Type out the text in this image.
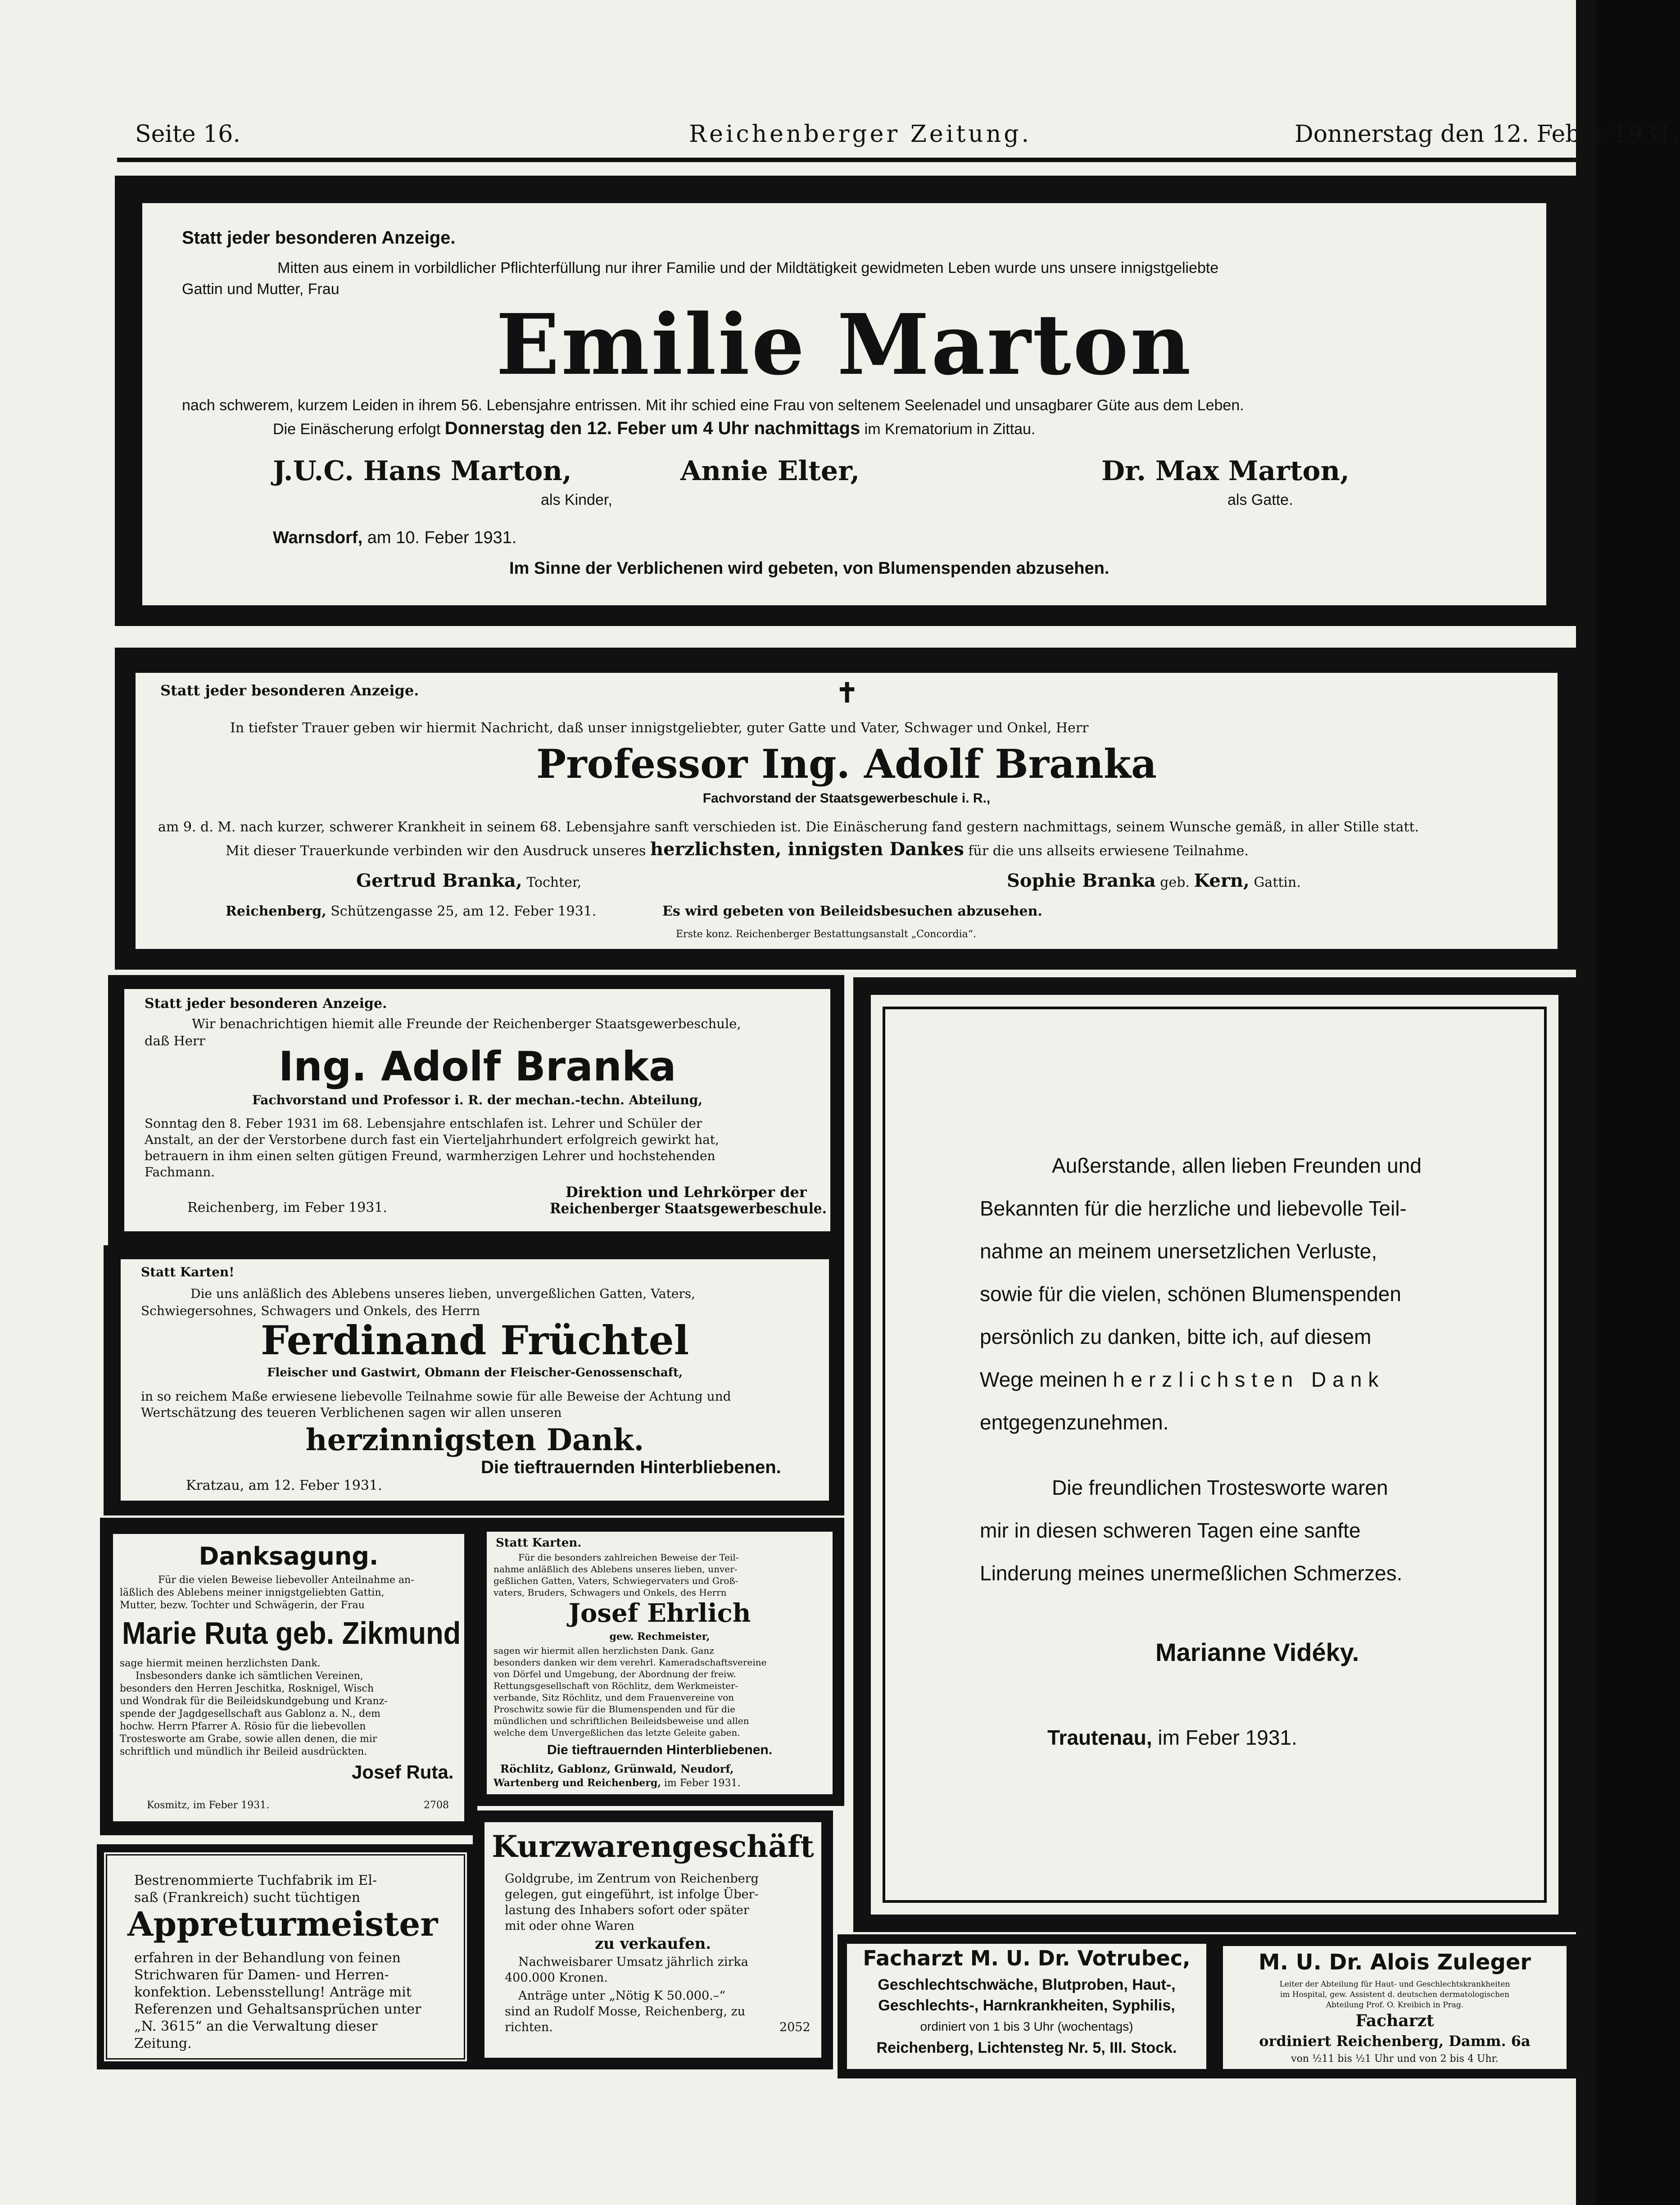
Seite 16.	Reichenberger Zeitung.	Donnerstag den 12. Feber 1931.

Statt jeder besonderen Anzeige.

Mitten aus einem in vorbildlicher Pflichterfüllung nur ihrer Familie und der Mildtätigkeit gewidmeten Leben wurde uns unsere innigstgeliebte

Gattin und Mutter, Frau

Emilie Marton

nach schwerem, kurzem Leiden in ihrem 56. Lebensjahre entrissen. Mit ihr schied eine Frau von seltenem Seelenadel und unsagbarer Güte aus dem Leben.

Die Einäscherung erfolgt Donnerstag den 12. Feber um 4 Uhr nachmittags im Krematorium in Zittau.

J.U.C. Hans Marton,	Annie Elter,	Dr. Max Marton,

als Kinder,	als Gatte.

Warnsdorf, am 10. Feber 1931.

Im Sinne der Verblichenen wird gebeten, von Blumenspenden abzusehen.

Statt jeder besonderen Anzeige.	✝

In tiefster Trauer geben wir hiermit Nachricht, daß unser innigstgeliebter, guter Gatte und Vater, Schwager und Onkel, Herr

Professor Ing. Adolf Branka

Fachvorstand der Staatsgewerbeschule i. R.,

am 9. d. M. nach kurzer, schwerer Krankheit in seinem 68. Lebensjahre sanft verschieden ist. Die Einäscherung fand gestern nachmittags, seinem Wunsche gemäß, in aller Stille statt.

Mit dieser Trauerkunde verbinden wir den Ausdruck unseres herzlichsten, innigsten Dankes für die uns allseits erwiesene Teilnahme.

Gertrud Branka, Tochter,	Sophie Branka geb. Kern, Gattin.

Reichenberg, Schützengasse 25, am 12. Feber 1931.	Es wird gebeten von Beileidsbesuchen abzusehen.

Erste konz. Reichenberger Bestattungsanstalt „Concordia“.

Statt jeder besonderen Anzeige.

Wir benachrichtigen hiemit alle Freunde der Reichenberger Staatsgewerbeschule,

daß Herr

Ing. Adolf Branka

Fachvorstand und Professor i. R. der mechan.-techn. Abteilung,

Sonntag den 8. Feber 1931 im 68. Lebensjahre entschlafen ist. Lehrer und Schüler der

Anstalt, an der der Verstorbene durch fast ein Vierteljahrhundert erfolgreich gewirkt hat,

betrauern in ihm einen selten gütigen Freund, warmherzigen Lehrer und hochstehenden

Fachmann.

Direktion und Lehrkörper der

Reichenberg, im Feber 1931.	Reichenberger Staatsgewerbeschule.

Statt Karten!

Die uns anläßlich des Ablebens unseres lieben, unvergeßlichen Gatten, Vaters,

Schwiegersohnes, Schwagers und Onkels, des Herrn

Ferdinand Früchtel

Fleischer und Gastwirt, Obmann der Fleischer-Genossenschaft,

in so reichem Maße erwiesene liebevolle Teilnahme sowie für alle Beweise der Achtung und

Wertschätzung des teueren Verblichenen sagen wir allen unseren

herzinnigsten Dank.

Die tieftrauernden Hinterbliebenen.

Kratzau, am 12. Feber 1931.

Danksagung.

Für die vielen Beweise liebevoller Anteilnahme an-

läßlich des Ablebens meiner innigstgeliebten Gattin,

Mutter, bezw. Tochter und Schwägerin, der Frau

Marie Ruta geb. Zikmund

sage hiermit meinen herzlichsten Dank.

Insbesonders danke ich sämtlichen Vereinen,

besonders den Herren Jeschitka, Rosknigel, Wisch

und Wondrak für die Beileidskundgebung und Kranz-

spende der Jagdgesellschaft aus Gablonz a. N., dem

hochw. Herrn Pfarrer A. Rösio für die liebevollen

Trostesworte am Grabe, sowie allen denen, die mir

schriftlich und mündlich ihr Beileid ausdrückten.

Josef Ruta.

Kosmitz, im Feber 1931.	2708

Statt Karten.

Für die besonders zahlreichen Beweise der Teil-

nahme anläßlich des Ablebens unseres lieben, unver-

geßlichen Gatten, Vaters, Schwiegervaters und Groß-

vaters, Bruders, Schwagers und Onkels, des Herrn

Josef Ehrlich

gew. Rechmeister,

sagen wir hiermit allen herzlichsten Dank. Ganz

besonders danken wir dem verehrl. Kameradschaftsvereine

von Dörfel und Umgebung, der Abordnung der freiw.

Rettungsgesellschaft von Röchlitz, dem Werkmeister-

verbande, Sitz Röchlitz, und dem Frauenvereine von

Proschwitz sowie für die Blumenspenden und für die

mündlichen und schriftlichen Beileidsbeweise und allen

welche dem Unvergeßlichen das letzte Geleite gaben.

Die tieftrauernden Hinterbliebenen.

Röchlitz, Gablonz, Grünwald, Neudorf,

Wartenberg und Reichenberg, im Feber 1931.

Bestrenommierte Tuchfabrik im El-

saß (Frankreich) sucht tüchtigen

Appreturmeister

erfahren in der Behandlung von feinen

Strichwaren für Damen- und Herren-

konfektion. Lebensstellung! Anträge mit

Referenzen und Gehaltsansprüchen unter

„N. 3615“ an die Verwaltung dieser

Zeitung.

Kurzwarengeschäft

Goldgrube, im Zentrum von Reichenberg

gelegen, gut eingeführt, ist infolge Über-

lastung des Inhabers sofort oder später

mit oder ohne Waren

zu verkaufen.

Nachweisbarer Umsatz jährlich zirka

400.000 Kronen.

Anträge unter „Nötig K 50.000.–“

sind an Rudolf Mosse, Reichenberg, zu

richten.	2052

Außerstande, allen lieben Freunden und

Bekannten für die herzliche und liebevolle Teil-

nahme an meinem unersetzlichen Verluste,

sowie für die vielen, schönen Blumenspenden

persönlich zu danken, bitte ich, auf diesem

Wege meinen herzlichsten Dank

entgegenzunehmen.

Die freundlichen Trostesworte waren

mir in diesen schweren Tagen eine sanfte

Linderung meines unermeßlichen Schmerzes.

Marianne Vidéky.

Trautenau, im Feber 1931.

Facharzt M. U. Dr. Votrubec,

Geschlechtschwäche, Blutproben, Haut-,

Geschlechts-, Harnkrankheiten, Syphilis,

ordiniert von 1 bis 3 Uhr (wochentags)

Reichenberg, Lichtensteg Nr. 5, III. Stock.

M. U. Dr. Alois Zuleger

Leiter der Abteilung für Haut- und Geschlechtskrankheiten

im Hospital, gew. Assistent d. deutschen dermatologischen

Abteilung Prof. O. Kreibich in Prag.

Facharzt

ordiniert Reichenberg, Damm. 6a

von ½11 bis ½1 Uhr und von 2 bis 4 Uhr.
